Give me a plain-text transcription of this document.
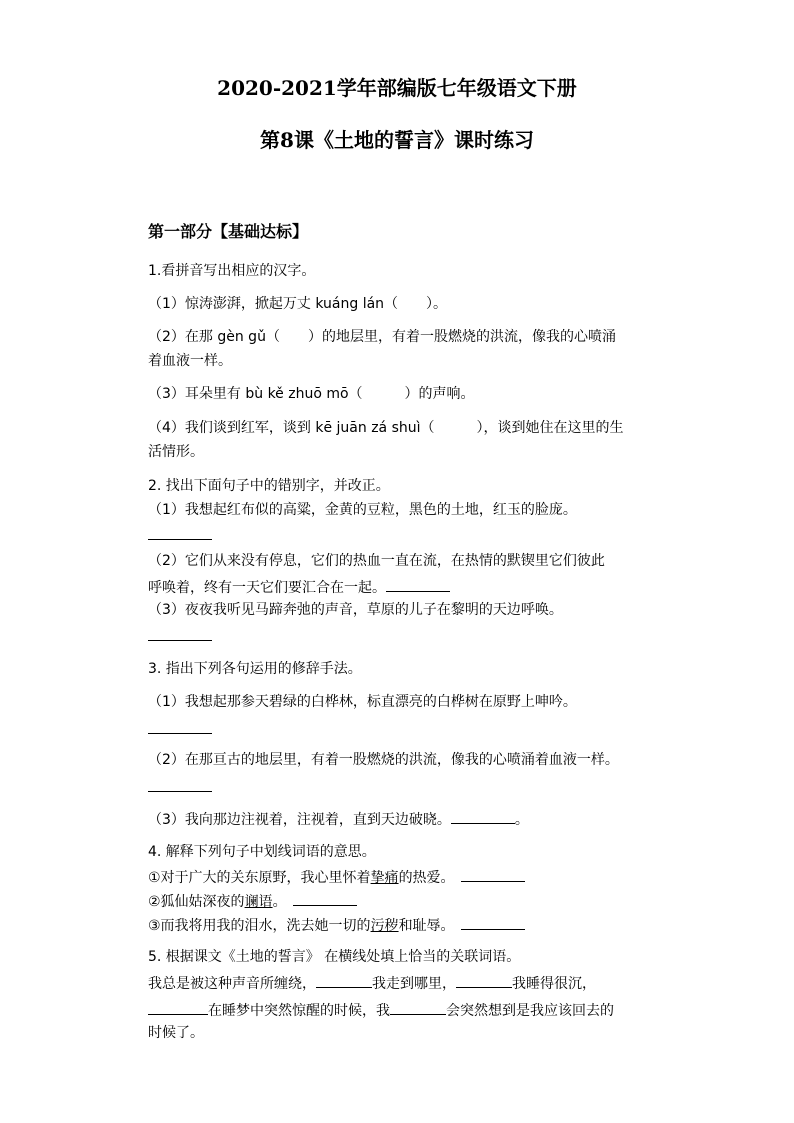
2020-2021学年部编版七年级语文下册
第8课《土地的誓言》课时练习
第一部分【基础达标】
1.看拼音写出相应的汉字。
（1）惊涛澎湃，掀起万丈 kuáng lán（　　）。
（2）在那 gèn gǔ（　　）的地层里，有着一股燃烧的洪流，像我的心喷涌
着血液一样。
（3）耳朵里有 bù kě zhuō mō（　　　）的声响。
（4）我们谈到红军，谈到 kē juān zá shuì（　　　），谈到她住在这里的生
活情形。
2. 找出下面句子中的错别字，并改正。
（1）我想起红布似的高粱，金黄的豆粒，黑色的土地，红玉的脸庞。
（2）它们从来没有停息，它们的热血一直在流，在热情的默锲里它们彼此
呼唤着，终有一天它们要汇合在一起。
（3）夜夜我听见马蹄奔弛的声音，草原的儿子在黎明的天边呼唤。
3. 指出下列各句运用的修辞手法。
（1）我想起那参天碧绿的白桦林，标直漂亮的白桦树在原野上呻吟。
（2）在那亘古的地层里，有着一股燃烧的洪流，像我的心喷涌着血液一样。
（3）我向那边注视着，注视着，直到天边破晓。	。
4. 解释下列句子中划线词语的意思。
①对于广大的关东原野，我心里怀着挚痛的热爱。
②狐仙姑深夜的谰语。
③而我将用我的泪水，洗去她一切的污秽和耻辱。
5. 根据课文《土地的誓言》 在横线处填上恰当的关联词语。
我总是被这种声音所缠绕，	我走到哪里，	我睡得很沉，
在睡梦中突然惊醒的时候，我	会突然想到是我应该回去的
时候了。
